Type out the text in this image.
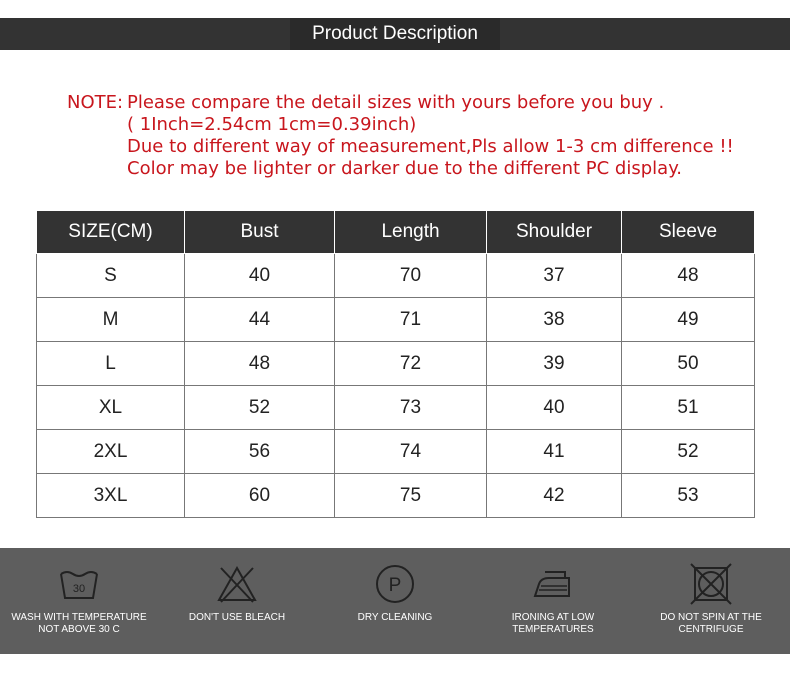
Product Description
NOTE: Please compare the detail sizes with yours before you buy .
( 1Inch=2.54cm 1cm=0.39inch)
Due to different way of measurement,Pls allow 1-3 cm difference !!
Color may be lighter or darker due to the different PC display.
SIZE(CM)	Bust	Length	Shoulder	Sleeve
S	40	70	37	48
M	44	71	38	49
L	48	72	39	50
XL	52	73	40	51
2XL	56	74	41	52
3XL	60	75	42	53
30
WASH WITH TEMPERATURE
NOT ABOVE 30 C
DON'T USE BLEACH
P
DRY CLEANING	IRONING AT LOW
TEMPERATURES
DO NOT SPIN AT THE
CENTRIFUGE
